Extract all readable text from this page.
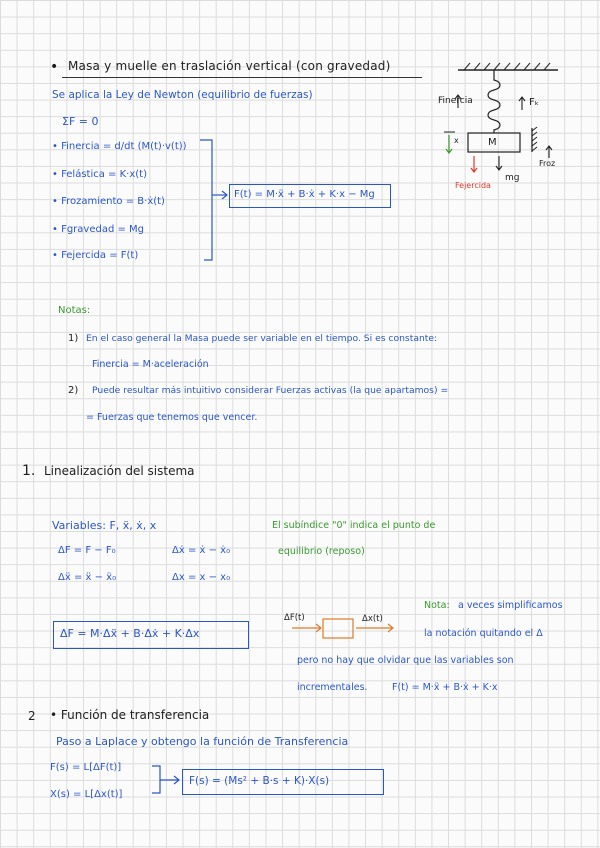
• Masa y muelle en traslación vertical (con gravedad)
Se aplica la Ley de Newton (equilibrio de fuerzas)
ΣF = 0
• Finercia = d/dt (M(t)·v(t))
• Felástica = K·x(t)
• Frozamiento = B·ẋ(t)
• Fgravedad = Mg
• Fejercida = F(t)
F(t) = M·ẍ + B·ẋ + K·x − Mg
Finercia	Fₖ
M
x
Froz
Fejercida
mg
Notas:
1) En el caso general la Masa puede ser variable en el tiempo. Si es constante:
Finercia = M·aceleración
2) Puede resultar más intuitivo considerar Fuerzas activas (la que apartamos) =
= Fuerzas que tenemos que vencer.
1. Linealización del sistema
Variables: F, ẍ, ẋ, x	El subíndice "0" indica el punto de
equilibrio (reposo)
ΔF = F − F₀	Δẋ = ẋ − ẋ₀
Δẍ = ẍ − ẍ₀	Δx = x − x₀
ΔF = M·Δẍ + B·Δẋ + K·Δx
ΔF(t)	Δx(t)
Nota: a veces simplificamos
la notación quitando el Δ
pero no hay que olvidar que las variables son
incrementales.	F(t) = M·ẍ + B·ẋ + K·x
2 • Función de transferencia
Paso a Laplace y obtengo la función de Transferencia
F(s) = L[ΔF(t)]
X(s) = L[Δx(t)]
F(s) = (Ms² + B·s + K)·X(s)
